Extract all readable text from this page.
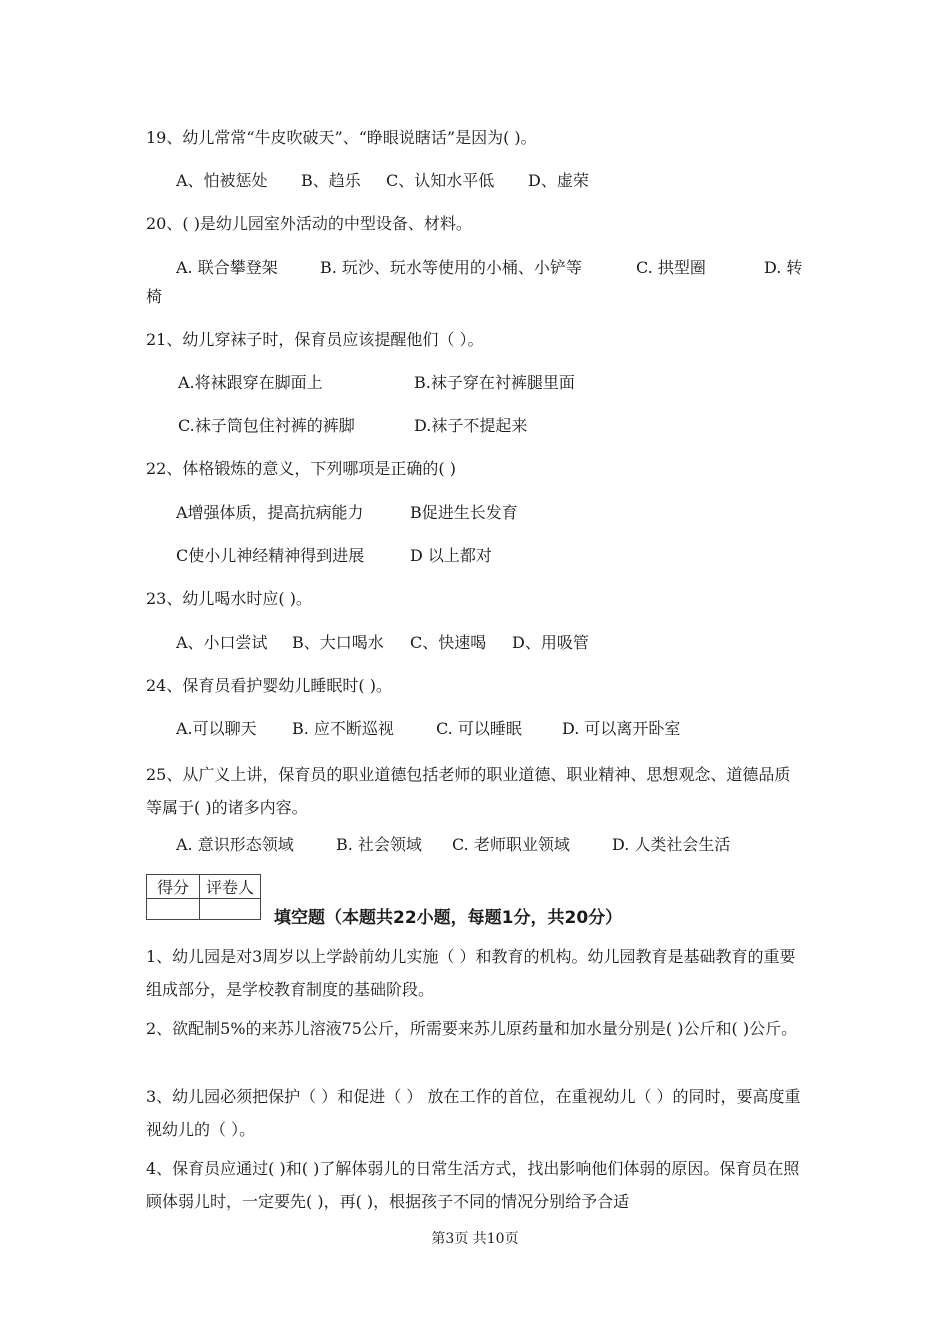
19、幼儿常常“牛皮吹破天”、“睁眼说瞎话”是因为( )。
A、怕被惩处 B、趋乐 C、认知水平低 D、虚荣
20、( )是幼儿园室外活动的中型设备、材料。
A. 联合攀登架	B. 玩沙、玩水等使用的小桶、小铲等	C. 拱型圈	D. 转
椅
21、幼儿穿袜子时，保育员应该提醒他们（ ）。
A.将袜跟穿在脚面上	B.袜子穿在衬裤腿里面
C.袜子筒包住衬裤的裤脚	D.袜子不提起来
22、体格锻炼的意义，下列哪项是正确的( )
A增强体质，提高抗病能力	B促进生长发育
C使小儿神经精神得到进展	D 以上都对
23、幼儿喝水时应( )。
A、小口尝试 B、大口喝水 C、快速喝 D、用吸管
24、保育员看护婴幼儿睡眠时( )。
A.可以聊天 B. 应不断巡视	C. 可以睡眠	D. 可以离开卧室
25、从广义上讲，保育员的职业道德包括老师的职业道德、职业精神、思想观念、道德品质等属于( )的诸多内容。
A. 意识形态领域	B. 社会领域 C. 老师职业领域	D. 人类社会生活
得分	评卷人

填空题（本题共22小题，每题1分，共20分）
1、幼儿园是对3周岁以上学龄前幼儿实施（ ）和教育的机构。幼儿园教育是基础教育的重要组成部分，是学校教育制度的基础阶段。
2、欲配制5%的来苏儿溶液75公斤，所需要来苏儿原药量和加水量分别是( )公斤和( )公斤。
3、幼儿园必须把保护（ ）和促进（ ） 放在工作的首位，在重视幼儿（ ）的同时，要高度重视幼儿的（ ）。
4、保育员应通过( )和( )了解体弱儿的日常生活方式，找出影响他们体弱的原因。保育员在照顾体弱儿时，一定要先( )，再( )，根据孩子不同的情况分别给予合适
第3页 共10页
